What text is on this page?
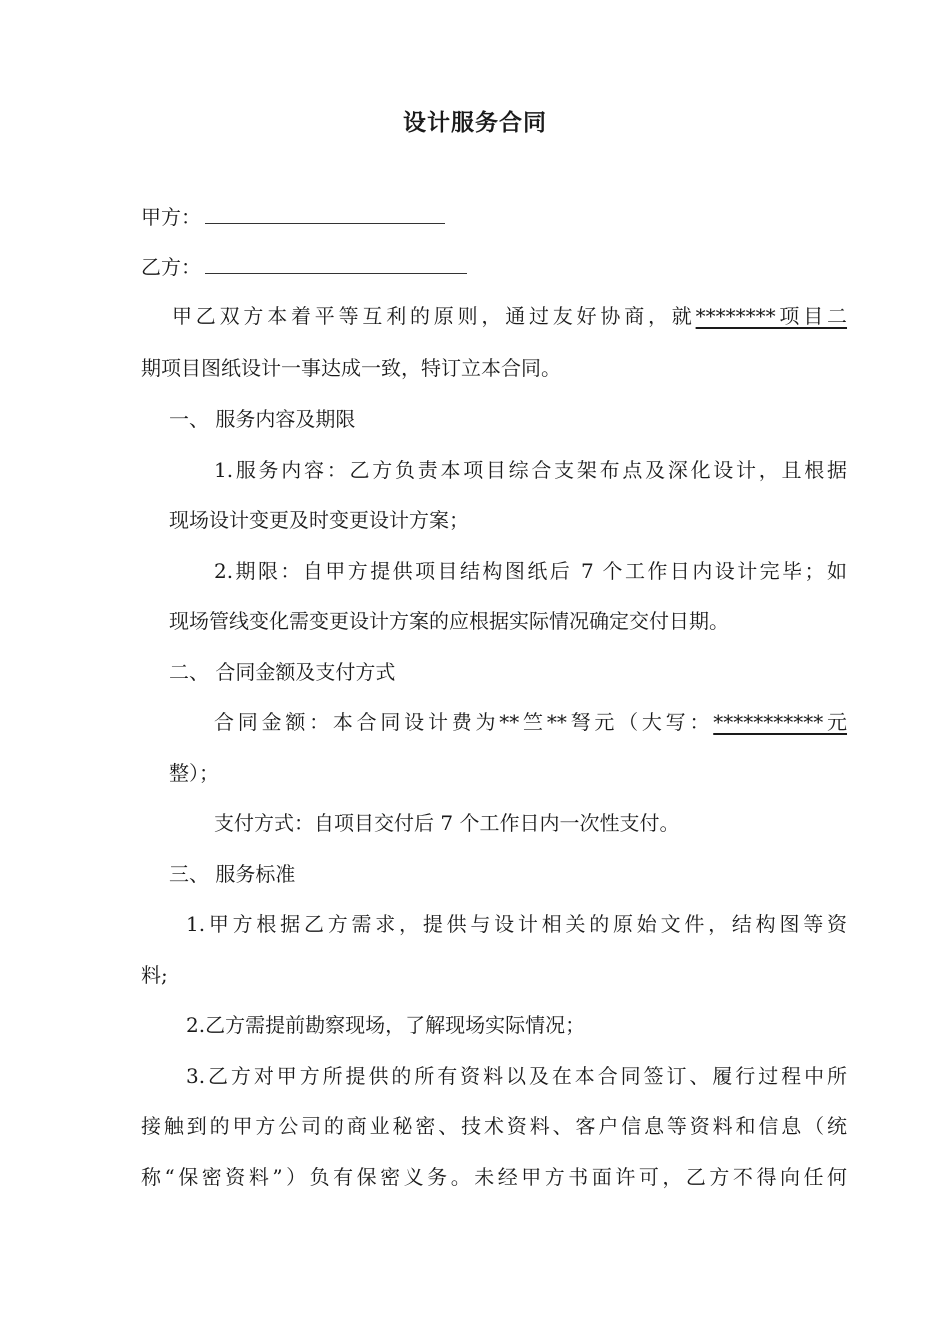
设计服务合同
甲方：
乙方：
甲乙双方本着平等互利的原则，通过友好协商，就********项目二
期项目图纸设计一事达成一致，特订立本合同。
一、 服务内容及期限
1.服务内容：乙方负责本项目综合支架布点及深化设计，且根据
现场设计变更及时变更设计方案；
2.期限：自甲方提供项目结构图纸后 7 个工作日内设计完毕；如
现场管线变化需变更设计方案的应根据实际情况确定交付日期。
二、 合同金额及支付方式
合同金额：本合同设计费为**竺**弩元（大写：***********元
整）；
支付方式：自项目交付后 7 个工作日内一次性支付。
三、 服务标准
1.甲方根据乙方需求，提供与设计相关的原始文件，结构图等资
料;
2.乙方需提前勘察现场，了解现场实际情况；
3.乙方对甲方所提供的所有资料以及在本合同签订、履行过程中所
接触到的甲方公司的商业秘密、技术资料、客户信息等资料和信息（统
称“保密资料”）负有保密义务。未经甲方书面许可，乙方不得向任何
